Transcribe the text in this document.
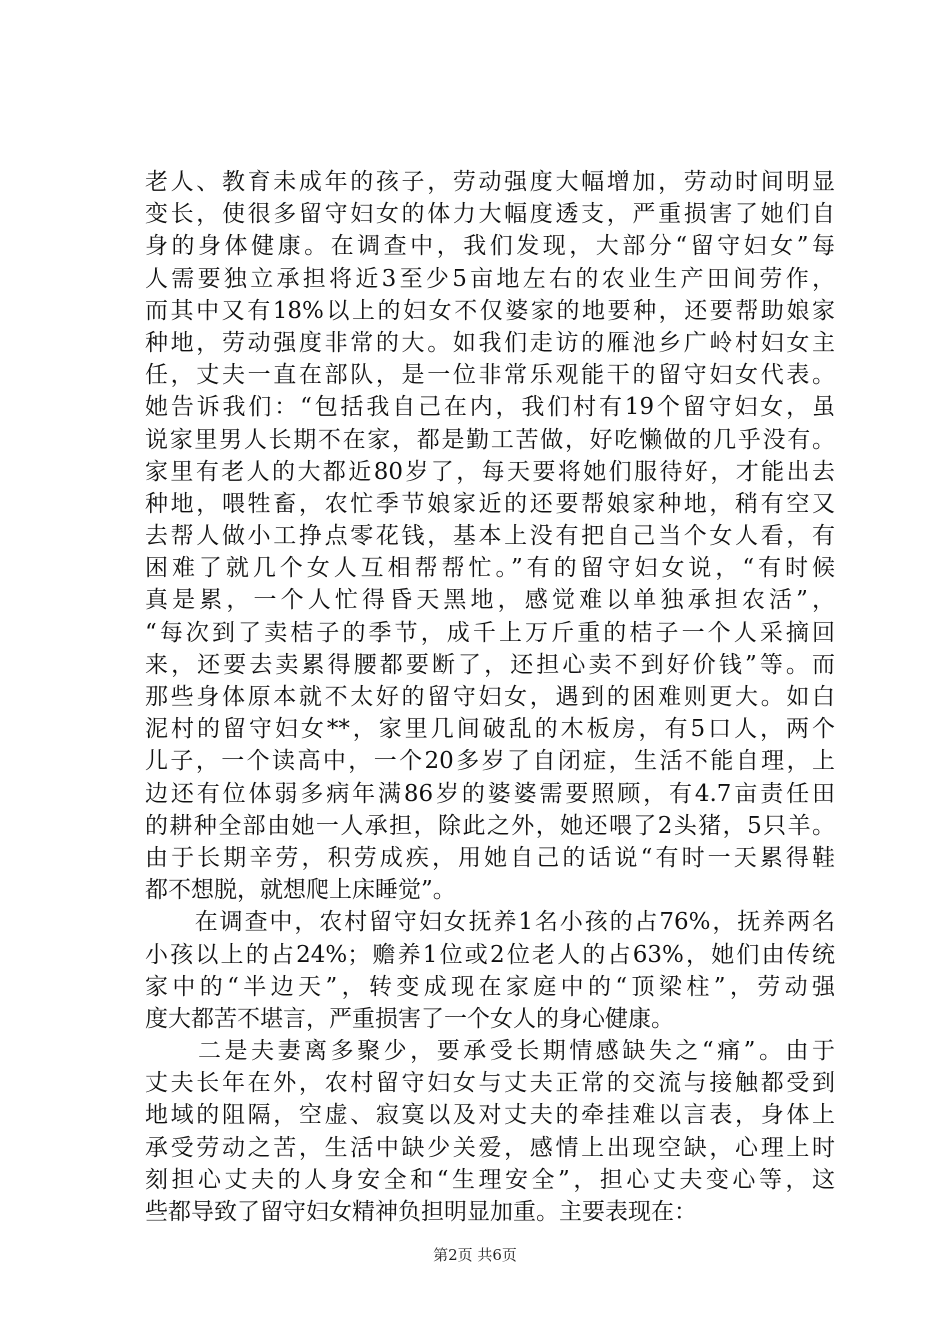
老人、教育未成年的孩子，劳动强度大幅增加，劳动时间明显
变长，使很多留守妇女的体力大幅度透支，严重损害了她们自
身的身体健康。在调查中，我们发现，大部分“留守妇女”每
人需要独立承担将近3至少5亩地左右的农业生产田间劳作，
而其中又有18%以上的妇女不仅婆家的地要种，还要帮助娘家
种地，劳动强度非常的大。如我们走访的雁池乡广岭村妇女主
任，丈夫一直在部队，是一位非常乐观能干的留守妇女代表。
她告诉我们：“包括我自己在内，我们村有19个留守妇女，虽
说家里男人长期不在家，都是勤工苦做，好吃懒做的几乎没有。
家里有老人的大都近80岁了，每天要将她们服待好，才能出去
种地，喂牲畜，农忙季节娘家近的还要帮娘家种地，稍有空又
去帮人做小工挣点零花钱，基本上没有把自己当个女人看，有
困难了就几个女人互相帮帮忙。”有的留守妇女说，“有时候
真是累，一个人忙得昏天黑地，感觉难以单独承担农活”，
“每次到了卖桔子的季节，成千上万斤重的桔子一个人采摘回
来，还要去卖累得腰都要断了，还担心卖不到好价钱”等。而
那些身体原本就不太好的留守妇女，遇到的困难则更大。如白
泥村的留守妇女**，家里几间破乱的木板房，有5口人，两个
儿子，一个读高中，一个20多岁了自闭症，生活不能自理，上
边还有位体弱多病年满86岁的婆婆需要照顾，有4.7亩责任田
的耕种全部由她一人承担，除此之外，她还喂了2头猪，5只羊。
由于长期辛劳，积劳成疾，用她自己的话说“有时一天累得鞋
都不想脱，就想爬上床睡觉”。
　　在调查中，农村留守妇女抚养1名小孩的占76%，抚养两名
小孩以上的占24%；赡养1位或2位老人的占63%，她们由传统
家中的“半边天”，转变成现在家庭中的“顶梁柱”，劳动强
度大都苦不堪言，严重损害了一个女人的身心健康。
　　二是夫妻离多聚少，要承受长期情感缺失之“痛”。由于
丈夫长年在外，农村留守妇女与丈夫正常的交流与接触都受到
地域的阻隔，空虚、寂寞以及对丈夫的牵挂难以言表，身体上
承受劳动之苦，生活中缺少关爱，感情上出现空缺，心理上时
刻担心丈夫的人身安全和“生理安全”，担心丈夫变心等，这
些都导致了留守妇女精神负担明显加重。主要表现在：
第2页 共6页
